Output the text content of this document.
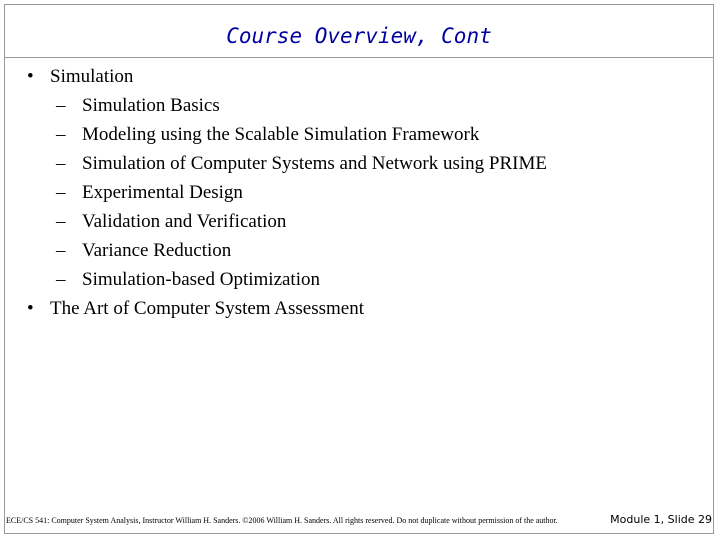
Course Overview, Cont
• Simulation
– Simulation Basics
– Modeling using the Scalable Simulation Framework
– Simulation of Computer Systems and Network using PRIME
– Experimental Design
– Validation and Verification
– Variance Reduction
– Simulation-based Optimization
• The Art of Computer System Assessment
ECE/CS 541: Computer System Analysis, Instructor William H. Sanders. ©2006 William H. Sanders. All rights reserved. Do not duplicate without permission of the author.	Module 1, Slide 29
